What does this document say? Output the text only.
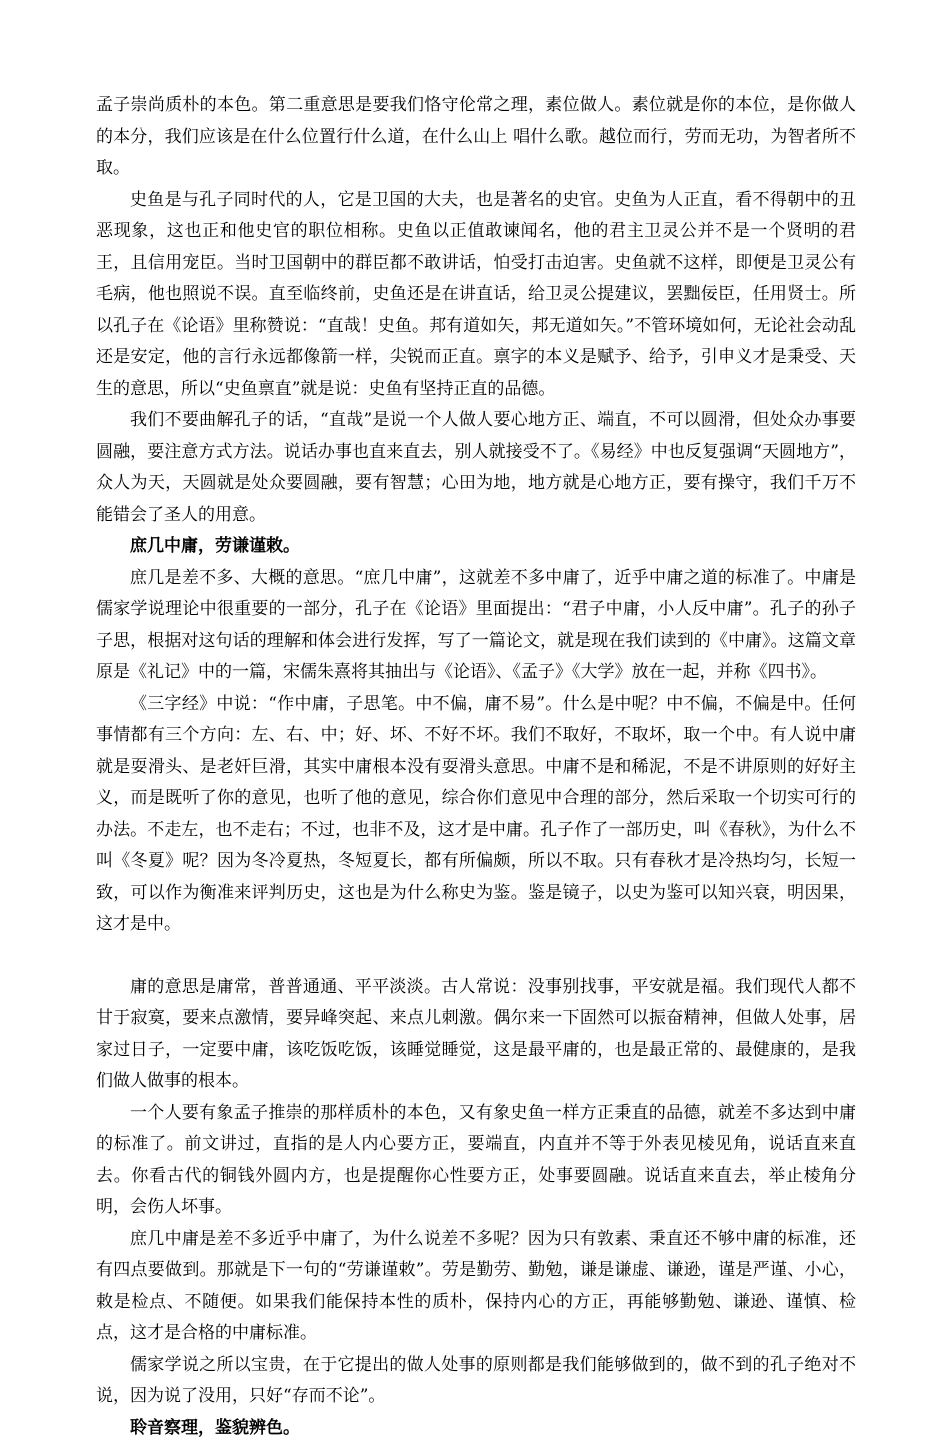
孟子崇尚质朴的本色。第二重意思是要我们恪守伦常之理，素位做人。素位就是你的本位，是你做人的本分，我们应该是在什么位置行什么道，在什么山上 唱什么歌。越位而行，劳而无功，为智者所不取。

史鱼是与孔子同时代的人，它是卫国的大夫，也是著名的史官。史鱼为人正直，看不得朝中的丑恶现象，这也正和他史官的职位相称。史鱼以正值敢谏闻名，他的君主卫灵公并不是一个贤明的君王，且信用宠臣。当时卫国朝中的群臣都不敢讲话，怕受打击迫害。史鱼就不这样，即便是卫灵公有毛病，他也照说不误。直至临终前，史鱼还是在讲直话，给卫灵公提建议，罢黜佞臣，任用贤士。所以孔子在《论语》里称赞说：“直哉！史鱼。邦有道如矢，邦无道如矢。”不管环境如何，无论社会动乱还是安定，他的言行永远都像箭一样，尖锐而正直。禀字的本义是赋予、给予，引申义才是秉受、天生的意思，所以“史鱼禀直”就是说：史鱼有坚持正直的品德。

我们不要曲解孔子的话，“直哉”是说一个人做人要心地方正、端直，不可以圆滑，但处众办事要圆融，要注意方式方法。说话办事也直来直去，别人就接受不了。《易经》中也反复强调“天圆地方”，众人为天，天圆就是处众要圆融，要有智慧；心田为地，地方就是心地方正，要有操守，我们千万不能错会了圣人的用意。

庶几中庸，劳谦谨敕。

庶几是差不多、大概的意思。“庶几中庸”，这就差不多中庸了，近乎中庸之道的标准了。中庸是儒家学说理论中很重要的一部分，孔子在《论语》里面提出：“君子中庸，小人反中庸”。孔子的孙子子思，根据对这句话的理解和体会进行发挥，写了一篇论文，就是现在我们读到的《中庸》。这篇文章原是《礼记》中的一篇，宋儒朱熹将其抽出与《论语》、《孟子》《大学》放在一起，并称《四书》。

《三字经》中说：“作中庸，子思笔。中不偏，庸不易”。什么是中呢？中不偏，不偏是中。任何事情都有三个方向：左、右、中；好、坏、不好不坏。我们不取好，不取坏，取一个中。有人说中庸就是耍滑头、是老奸巨滑，其实中庸根本没有耍滑头意思。中庸不是和稀泥，不是不讲原则的好好主义，而是既听了你的意见，也听了他的意见，综合你们意见中合理的部分，然后采取一个切实可行的办法。不走左，也不走右；不过，也非不及，这才是中庸。孔子作了一部历史，叫《春秋》，为什么不叫《冬夏》呢？因为冬冷夏热，冬短夏长，都有所偏颇，所以不取。只有春秋才是冷热均匀，长短一致，可以作为衡准来评判历史，这也是为什么称史为鉴。鉴是镜子，以史为鉴可以知兴衰，明因果，这才是中。

庸的意思是庸常，普普通通、平平淡淡。古人常说：没事别找事，平安就是福。我们现代人都不甘于寂寞，要来点激情，要异峰突起、来点儿刺激。偶尔来一下固然可以振奋精神，但做人处事，居家过日子，一定要中庸，该吃饭吃饭，该睡觉睡觉，这是最平庸的，也是最正常的、最健康的，是我们做人做事的根本。

一个人要有象孟子推崇的那样质朴的本色，又有象史鱼一样方正秉直的品德，就差不多达到中庸的标准了。前文讲过，直指的是人内心要方正，要端直，内直并不等于外表见棱见角，说话直来直去。你看古代的铜钱外圆内方，也是提醒你心性要方正，处事要圆融。说话直来直去，举止棱角分明，会伤人坏事。

庶几中庸是差不多近乎中庸了，为什么说差不多呢？因为只有敦素、秉直还不够中庸的标准，还有四点要做到。那就是下一句的“劳谦谨敕”。劳是勤劳、勤勉，谦是谦虚、谦逊，谨是严谨、小心，敕是检点、不随便。如果我们能保持本性的质朴，保持内心的方正，再能够勤勉、谦逊、谨慎、检点，这才是合格的中庸标准。

儒家学说之所以宝贵，在于它提出的做人处事的原则都是我们能够做到的，做不到的孔子绝对不说，因为说了没用，只好“存而不论”。

聆音察理，鉴貌辨色。
